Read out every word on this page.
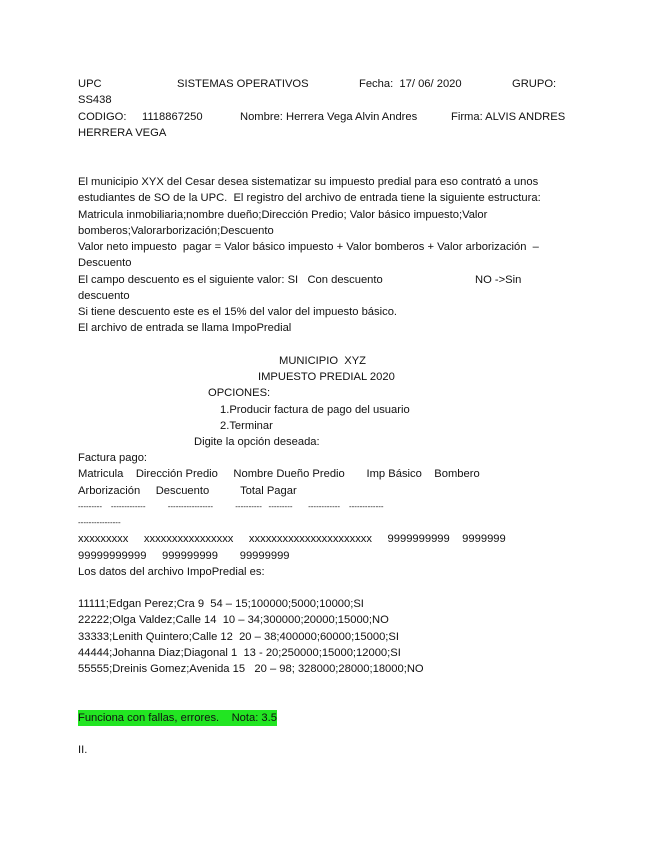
UPC	SISTEMAS OPERATIVOS	Fecha:  17/ 06/ 2020	GRUPO:
SS438
CODIGO:     1118867250	Nombre: Herrera Vega Alvin Andres	Firma: ALVIS ANDRES
HERRERA VEGA
El municipio XYX del Cesar desea sistematizar su impuesto predial para eso contrató a unos
estudiantes de SO de la UPC.  El registro del archivo de entrada tiene la siguiente estructura:
Matricula inmobiliaria;nombre dueño;Dirección Predio; Valor básico impuesto;Valor
bomberos;Valorarborización;Descuento
Valor neto impuesto  pagar = Valor básico impuesto + Valor bomberos + Valor arborización  –
Descuento
El campo descuento es el siguiente valor: SI   Con descuento	NO ->Sin
descuento
Si tiene descuento este es el 15% del valor del impuesto básico.
El archivo de entrada se llama ImpoPredial
MUNICIPIO  XYZ
IMPUESTO PREDIAL 2020
OPCIONES:
1.Producir factura de pago del usuario
2.Terminar
Digite la opción deseada:
Factura pago:
Matricula    Dirección Predio     Nombre Dueño Predio       Imp Básico    Bombero
Arborización     Descuento          Total Pagar
---------    -------------          -----------------          ----------   ---------       ------------    -------------
----------------
xxxxxxxxx     xxxxxxxxxxxxxxxx     xxxxxxxxxxxxxxxxxxxxxx     9999999999    9999999
99999999999     999999999       99999999
Los datos del archivo ImpoPredial es:
11111;Edgan Perez;Cra 9  54 – 15;100000;5000;10000;SI
22222;Olga Valdez;Calle 14  10 – 34;300000;20000;15000;NO
33333;Lenith Quintero;Calle 12  20 – 38;400000;60000;15000;SI
44444;Johanna Diaz;Diagonal 1  13 - 20;250000;15000;12000;SI
55555;Dreinis Gomez;Avenida 15   20 – 98; 328000;28000;18000;NO
Funciona con fallas, errores.    Nota: 3.5
II.
